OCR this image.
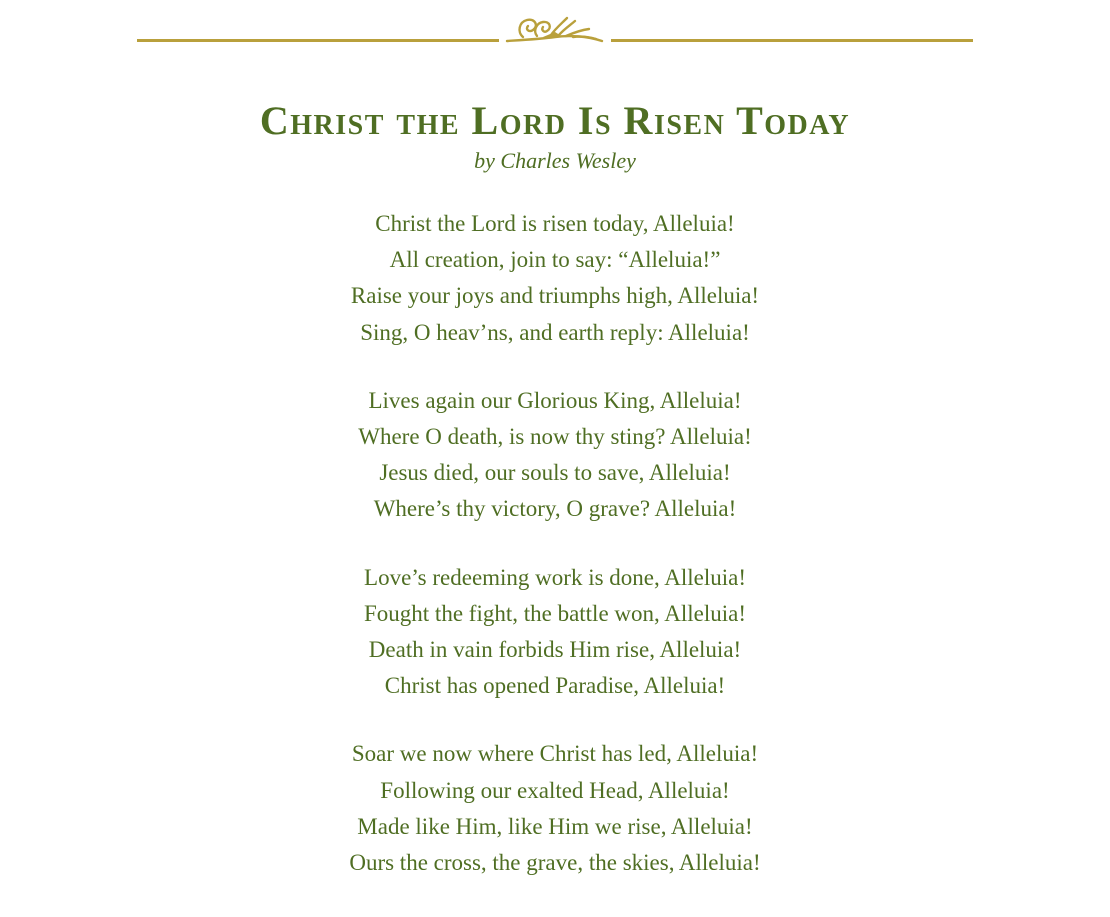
Christ the Lord Is Risen Today
by Charles Wesley
Christ the Lord is risen today, Alleluia!
All creation, join to say: “Alleluia!”
Raise your joys and triumphs high, Alleluia!
Sing, O heav’ns, and earth reply: Alleluia!
Lives again our Glorious King, Alleluia!
Where O death, is now thy sting? Alleluia!
Jesus died, our souls to save, Alleluia!
Where’s thy victory, O grave? Alleluia!
Love’s redeeming work is done, Alleluia!
Fought the fight, the battle won, Alleluia!
Death in vain forbids Him rise, Alleluia!
Christ has opened Paradise, Alleluia!
Soar we now where Christ has led, Alleluia!
Following our exalted Head, Alleluia!
Made like Him, like Him we rise, Alleluia!
Ours the cross, the grave, the skies, Alleluia!
